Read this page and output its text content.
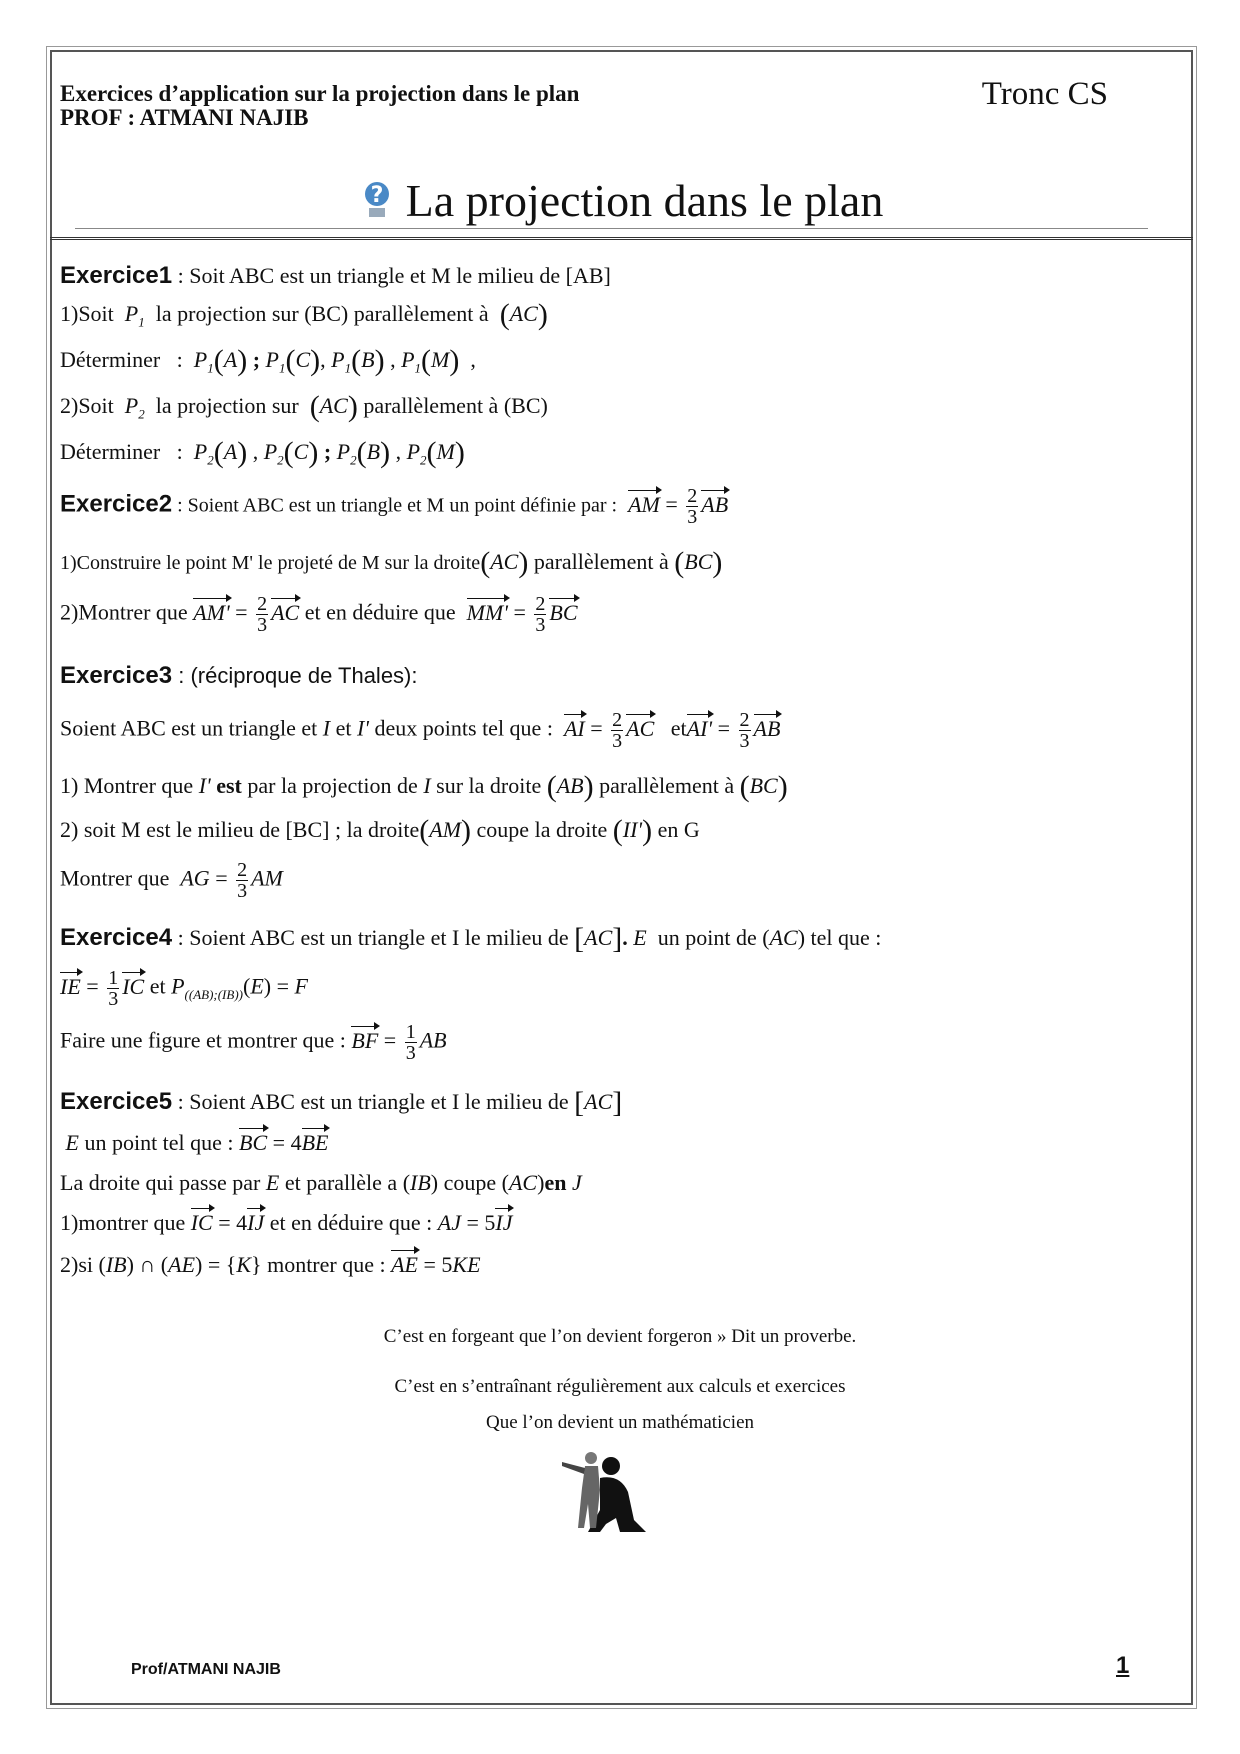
Exercices d’application sur la projection dans le plan
PROF : ATMANI NAJIB
Tronc CS
? La projection dans le plan
Exercice1 : Soit ABC est un triangle et M le milieu de [AB]
1)Soit  $P_1$  la projection sur (BC) parallèlement à  (AC)
Déterminer   :  $P_1(A)$ ; $P_1(C)$, $P_1(B)$ , $P_1(M)$  ,
2)Soit  $P_2$  la projection sur  (AC) parallèlement à (BC)
Déterminer   :  $P_2(A)$ , $P_2(C)$ ; $P_2(B)$ , $P_2(M)$
Exercice2 : Soient ABC est un triangle et M un point définie par : AM = $\frac{2}{3}$ AB
1)Construire le point M' le projeté de M sur la droite(AC) parallèlement à (BC)
2)Montrer que $AM' = \frac{2}{3}$ AC et en déduire que  $MM' = \frac{2}{3}$ BC
Exercice3 : (réciproque de Thales):
Soient ABC est un triangle et I et I' deux points tel que : AI = $\frac{2}{3}$ AC etAI' = $\frac{2}{3}$ AB
1) Montrer que I' est par la projection de I sur la droite (AB) parallèlement à (BC)
2) soit M est le milieu de [BC] ; la droite(AM) coupe la droite (II') en G
Montrer que  AG = $\frac{2}{3}$ AM
Exercice4 : Soient ABC est un triangle et I le milieu de [AC]. E  un point de (AC) tel que :
IE = $\frac{1}{3}$ IC et $P_{((AB);(IB))}(E) = F$
Faire une figure et montrer que : BF = $\frac{1}{3}$ AB
Exercice5 : Soient ABC est un triangle et I le milieu de [AC]
E un point tel que : BC = 4BE
La droite qui passe par E et parallèle a (IB) coupe (AC)en J
1)montrer que IC = 4IJ et en déduire que : AJ = 5IJ
2)si (IB) ∩ (AE) = {K} montrer que : AE = 5KE
C’est en forgeant que l’on devient forgeron » Dit un proverbe.
C’est en s’entraînant régulièrement aux calculs et exercices
Que l’on devient un mathématicien
Prof/ATMANI NAJIB	1
